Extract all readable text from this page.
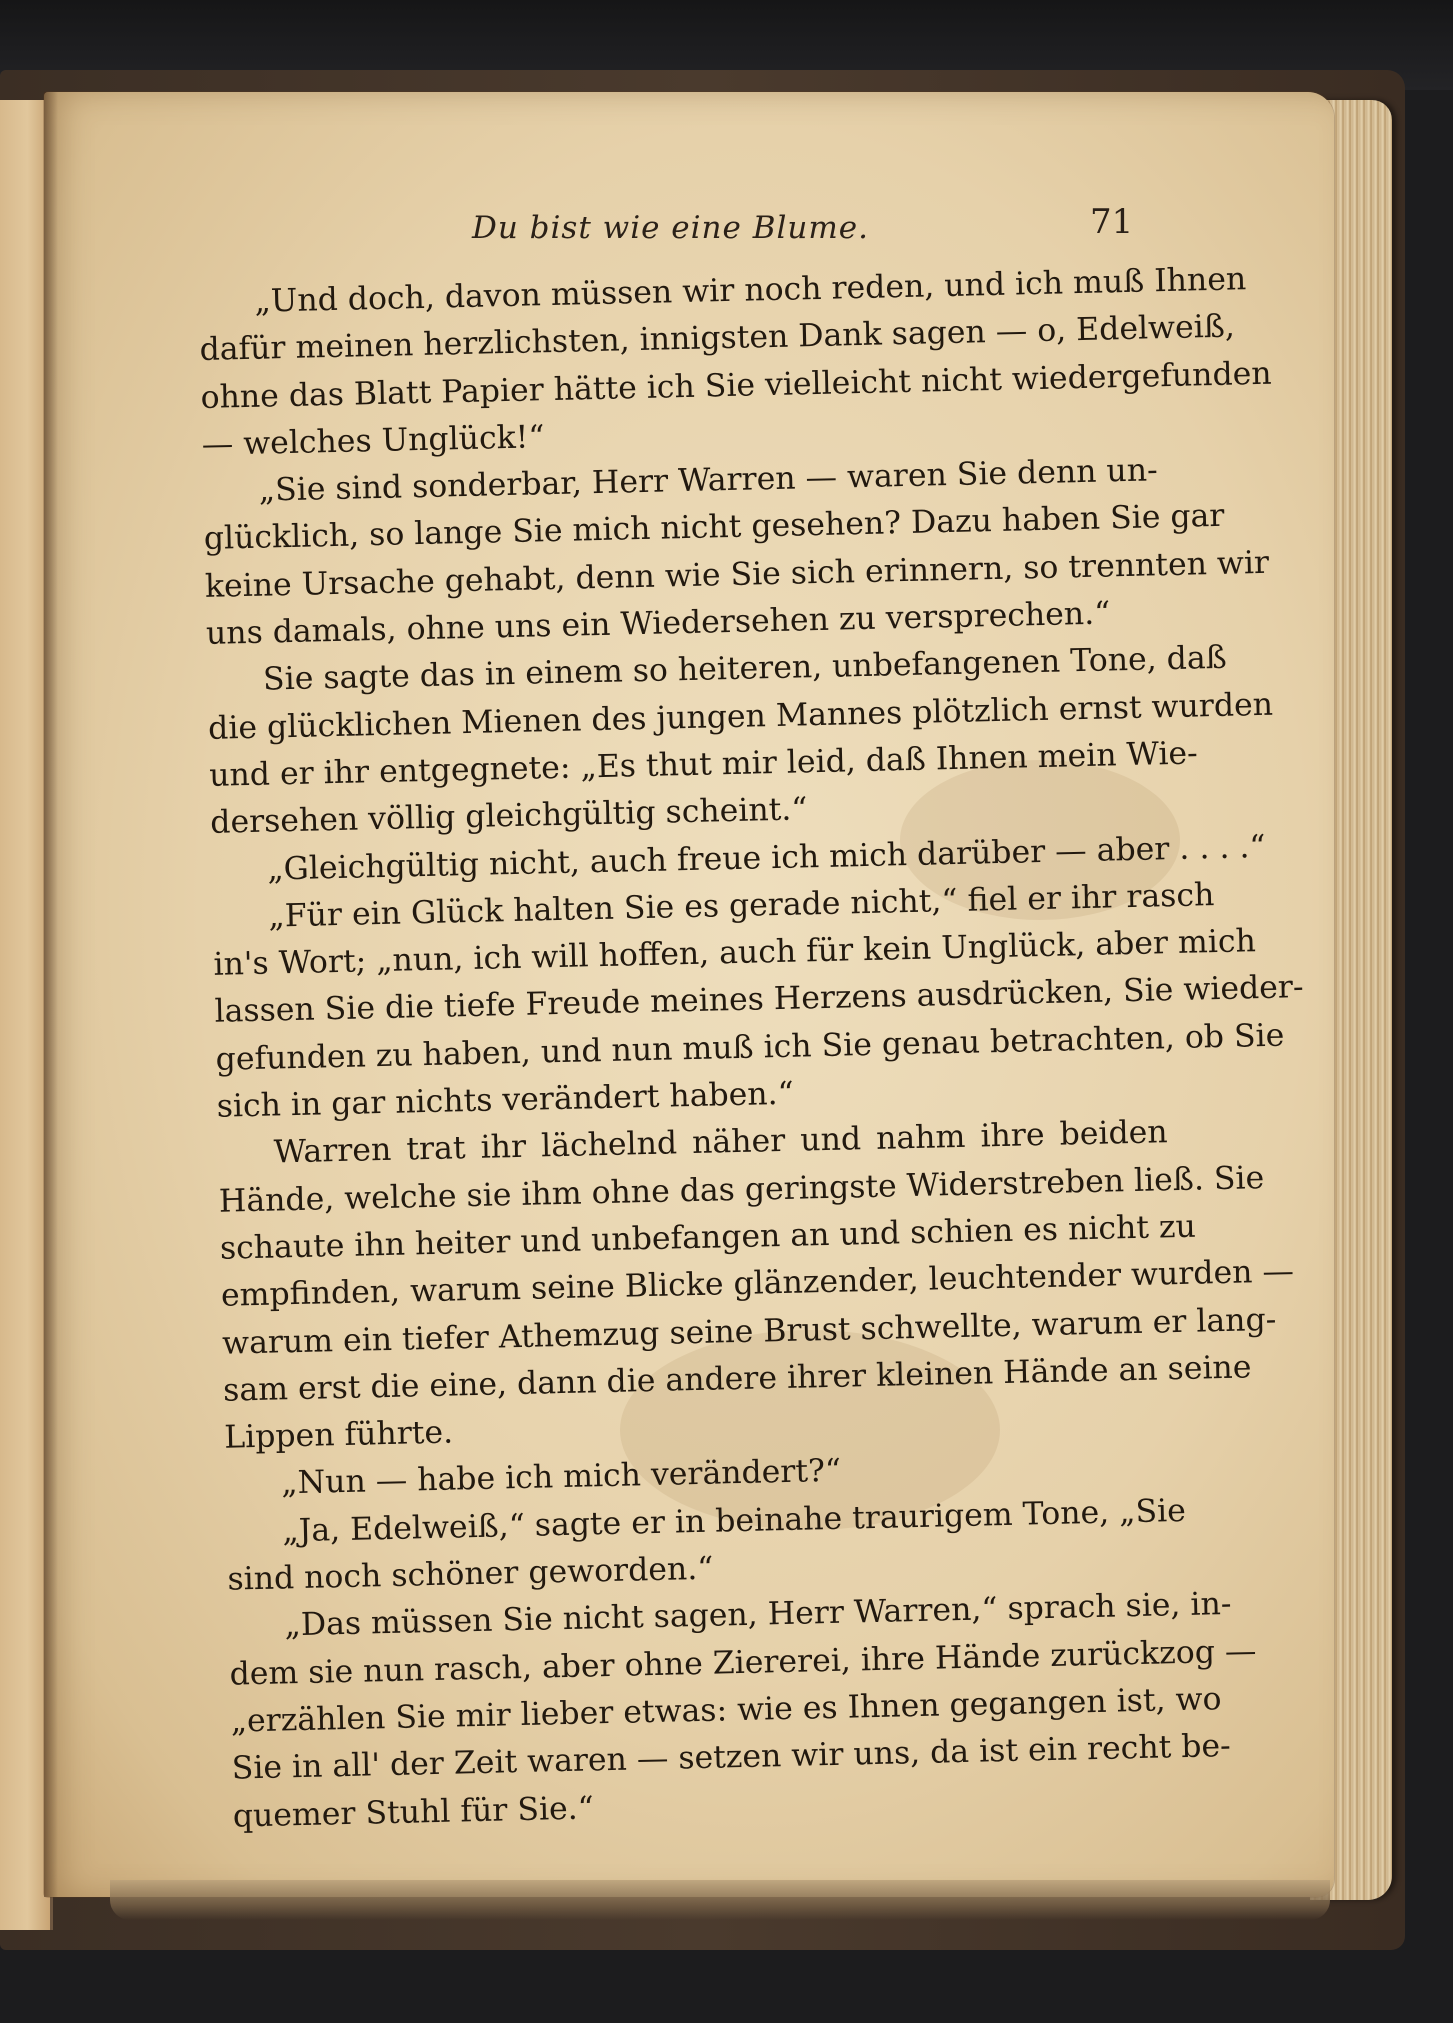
Du bist wie eine Blume.	71
„Und doch, davon müssen wir noch reden, und ich muß Ihnen
dafür meinen herzlichsten, innigsten Dank sagen — o, Edelweiß,
ohne das Blatt Papier hätte ich Sie vielleicht nicht wiedergefunden
— welches Unglück!“
„Sie sind sonderbar, Herr Warren — waren Sie denn un-
glücklich, so lange Sie mich nicht gesehen? Dazu haben Sie gar
keine Ursache gehabt, denn wie Sie sich erinnern, so trennten wir
uns damals, ohne uns ein Wiedersehen zu versprechen.“
Sie sagte das in einem so heiteren, unbefangenen Tone, daß
die glücklichen Mienen des jungen Mannes plötzlich ernst wurden
und er ihr entgegnete: „Es thut mir leid, daß Ihnen mein Wie-
dersehen völlig gleichgültig scheint.“
„Gleichgültig nicht, auch freue ich mich darüber — aber . . . .“
„Für ein Glück halten Sie es gerade nicht,“ fiel er ihr rasch
in's Wort; „nun, ich will hoffen, auch für kein Unglück, aber mich
lassen Sie die tiefe Freude meines Herzens ausdrücken, Sie wieder-
gefunden zu haben, und nun muß ich Sie genau betrachten, ob Sie
sich in gar nichts verändert haben.“
Warren trat ihr lächelnd näher und nahm ihre beiden
Hände, welche sie ihm ohne das geringste Widerstreben ließ. Sie
schaute ihn heiter und unbefangen an und schien es nicht zu
empfinden, warum seine Blicke glänzender, leuchtender wurden —
warum ein tiefer Athemzug seine Brust schwellte, warum er lang-
sam erst die eine, dann die andere ihrer kleinen Hände an seine
Lippen führte.
„Nun — habe ich mich verändert?“
„Ja, Edelweiß,“ sagte er in beinahe traurigem Tone, „Sie
sind noch schöner geworden.“
„Das müssen Sie nicht sagen, Herr Warren,“ sprach sie, in-
dem sie nun rasch, aber ohne Ziererei, ihre Hände zurückzog —
„erzählen Sie mir lieber etwas: wie es Ihnen gegangen ist, wo
Sie in all' der Zeit waren — setzen wir uns, da ist ein recht be-
quemer Stuhl für Sie.“
